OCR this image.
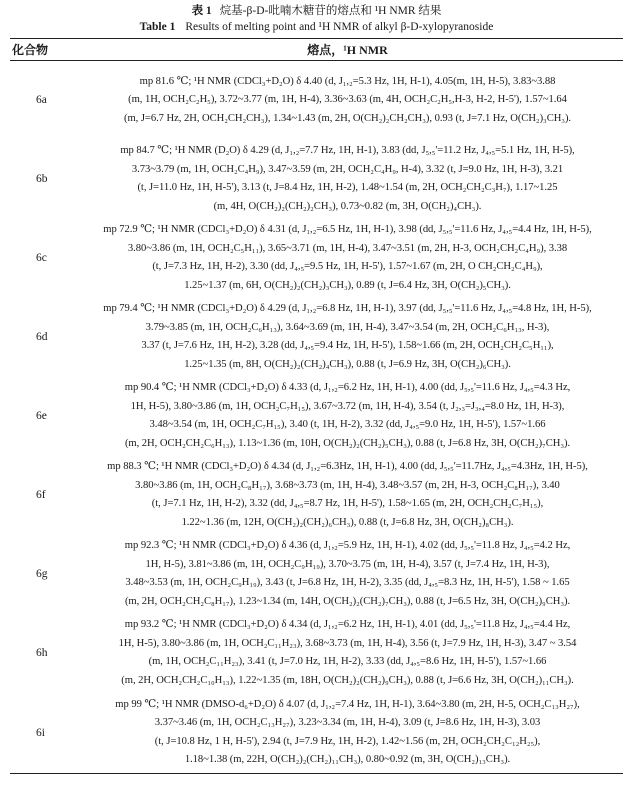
表 1 烷基-β-D-吡喃木糖苷的熔点和 ¹H NMR 结果
Table 1 Results of melting point and ¹H NMR of alkyl β-D-xylopyranoside
化合物	熔点，¹H NMR
6a	mp 81.6 ℃; ¹H NMR (CDCl₃+D₂O) δ 4.40 (d, J₁,₂=5.3 Hz, 1H, H-1), 4.05(m, 1H, H-5), 3.83~3.88
(m, 1H, OCH₂C₂H₅), 3.72~3.77 (m, 1H, H-4), 3.36~3.63 (m, 4H, OCH₂C₂H₅,H-3, H-2, H-5'), 1.57~1.64
(m, J=6.7 Hz, 2H, OCH₂CH₂CH₃), 1.34~1.43 (m, 2H, O(CH₂)₂CH₂CH₃), 0.93 (t, J=7.1 Hz, O(CH₂)₃CH₃).

6b	mp 84.7 ℃; ¹H NMR (D₂O) δ 4.29 (d, J₁,₂=7.7 Hz, 1H, H-1), 3.83 (dd, J₅,₅'=11.2 Hz, J₄,₅=5.1 Hz, 1H, H-5),
3.73~3.79 (m, 1H, OCH₂C₄H₉), 3.47~3.59 (m, 2H, OCH₂C₄H₉, H-4), 3.32 (t, J=9.0 Hz, 1H, H-3), 3.21
(t, J=11.0 Hz, 1H, H-5'), 3.13 (t, J=8.4 Hz, 1H, H-2), 1.48~1.54 (m, 2H, OCH₂CH₂C₃H₇), 1.17~1.25
(m, 4H, O(CH₂)₂(CH₂)₂CH₃), 0.73~0.82 (m, 3H, O(CH₂)₄CH₃).

6c	mp 72.9 ℃; ¹H NMR (CDCl₃+D₂O) δ 4.31 (d, J₁,₂=6.5 Hz, 1H, H-1), 3.98 (dd, J₅,₅'=11.6 Hz, J₄,₅=4.4 Hz, 1H, H-5),
3.80~3.86 (m, 1H, OCH₂C₅H₁₁), 3.65~3.71 (m, 1H, H-4), 3.47~3.51 (m, 2H, H-3, OCH₂CH₂C₄H₉), 3.38
(t, J=7.3 Hz, 1H, H-2), 3.30 (dd, J₄,₅=9.5 Hz, 1H, H-5'), 1.57~1.67 (m, 2H, O CH₂CH₂C₄H₉),
1.25~1.37 (m, 6H, O(CH₂)₂(CH₂)₃CH₃), 0.89 (t, J=6.4 Hz, 3H, O(CH₂)₅CH₃).

6d	mp 79.4 ℃; ¹H NMR (CDCl₃+D₂O) δ 4.29 (d, J₁,₂=6.8 Hz, 1H, H-1), 3.97 (dd, J₅,₅'=11.6 Hz, J₄,₅=4.8 Hz, 1H, H-5),
3.79~3.85 (m, 1H, OCH₂C₆H₁₃), 3.64~3.69 (m, 1H, H-4), 3.47~3.54 (m, 2H, OCH₂C₆H₁₃, H-3),
3.37 (t, J=7.6 Hz, 1H, H-2), 3.28 (dd, J₄,₅=9.4 Hz, 1H, H-5'), 1.58~1.66 (m, 2H, OCH₂CH₂C₅H₁₁),
1.25~1.35 (m, 8H, O(CH₂)₂(CH₂)₄CH₃), 0.88 (t, J=6.9 Hz, 3H, O(CH₂)₆CH₃).

6e	mp 90.4 ℃; ¹H NMR (CDCl₃+D₂O) δ 4.33 (d, J₁,₂=6.2 Hz, 1H, H-1), 4.00 (dd, J₅,₅'=11.6 Hz, J₄,₅=4.3 Hz,
1H, H-5), 3.80~3.86 (m, 1H, OCH₂C₇H₁₅), 3.67~3.72 (m, 1H, H-4), 3.54 (t, J₂,₃=J₃,₄=8.0 Hz, 1H, H-3),
3.48~3.54 (m, 1H, OCH₂C₇H₁₅), 3.40 (t, 1H, H-2), 3.32 (dd, J₄,₅=9.0 Hz, 1H, H-5'), 1.57~1.66
(m, 2H, OCH₂CH₂C₆H₁₃), 1.13~1.36 (m, 10H, O(CH₂)₂(CH₂)₅CH₃), 0.88 (t, J=6.8 Hz, 3H, O(CH₂)₇CH₃).

6f	mp 88.3 ℃; ¹H NMR (CDCl₃+D₂O) δ 4.34 (d, J₁,₂=6.3Hz, 1H, H-1), 4.00 (dd, J₅,₅'=11.7Hz, J₄,₅=4.3Hz, 1H, H-5),
3.80~3.86 (m, 1H, OCH₂C₈H₁₇), 3.68~3.73 (m, 1H, H-4), 3.48~3.57 (m, 2H, H-3, OCH₂C₈H₁₇), 3.40
(t, J=7.1 Hz, 1H, H-2), 3.32 (dd, J₄,₅=8.7 Hz, 1H, H-5'), 1.58~1.65 (m, 2H, OCH₂CH₂C₇H₁₅),
1.22~1.36 (m, 12H, O(CH₂)₂(CH₂)₆CH₃), 0.88 (t, J=6.8 Hz, 3H, O(CH₂)₈CH₃).

6g	mp 92.3 ℃; ¹H NMR (CDCl₃+D₂O) δ 4.36 (d, J₁,₂=5.9 Hz, 1H, H-1), 4.02 (dd, J₅,₅'=11.8 Hz, J₄,₅=4.2 Hz,
1H, H-5), 3.81~3.86 (m, 1H, OCH₂C₉H₁₉), 3.70~3.75 (m, 1H, H-4), 3.57 (t, J=7.4 Hz, 1H, H-3),
3.48~3.53 (m, 1H, OCH₂C₉H₁₉), 3.43 (t, J=6.8 Hz, 1H, H-2), 3.35 (dd, J₄,₅=8.3 Hz, 1H, H-5'), 1.58 ~ 1.65
(m, 2H, OCH₂CH₂C₈H₁₇), 1.23~1.34 (m, 14H, O(CH₂)₂(CH₂)₇CH₃), 0.88 (t, J=6.5 Hz, 3H, O(CH₂)₉CH₃).

6h	mp 93.2 ℃; ¹H NMR (CDCl₃+D₂O) δ 4.34 (d, J₁,₂=6.2 Hz, 1H, H-1), 4.01 (dd, J₅,₅'=11.8 Hz, J₄,₅=4.4 Hz,
1H, H-5), 3.80~3.86 (m, 1H, OCH₂C₁₁H₂₃), 3.68~3.73 (m, 1H, H-4), 3.56 (t, J=7.9 Hz, 1H, H-3), 3.47 ~ 3.54
(m, 1H, OCH₂C₁₁H₂₃), 3.41 (t, J=7.0 Hz, 1H, H-2), 3.33 (dd, J₄,₅=8.6 Hz, 1H, H-5'), 1.57~1.66
(m, 2H, OCH₂CH₂C₁₀H₁₃), 1.22~1.35 (m, 18H, O(CH₂)₂(CH₂)₉CH₃), 0.88 (t, J=6.6 Hz, 3H, O(CH₂)₁₁CH₃).

6i	mp 99 ℃; ¹H NMR (DMSO-d₆+D₂O) δ 4.07 (d, J₁,₂=7.4 Hz, 1H, H-1), 3.64~3.80 (m, 2H, H-5, OCH₂C₁₃H₂₇),
3.37~3.46 (m, 1H, OCH₂C₁₃H₂₇), 3.23~3.34 (m, 1H, H-4), 3.09 (t, J=8.6 Hz, 1H, H-3), 3.03
(t, J=10.8 Hz, 1 H, H-5'), 2.94 (t, J=7.9 Hz, 1H, H-2), 1.42~1.56 (m, 2H, OCH₂CH₂C₁₂H₂₅),
1.18~1.38 (m, 22H, O(CH₂)₂(CH₂)₁₁CH₃), 0.80~0.92 (m, 3H, O(CH₂)₁₃CH₃).
